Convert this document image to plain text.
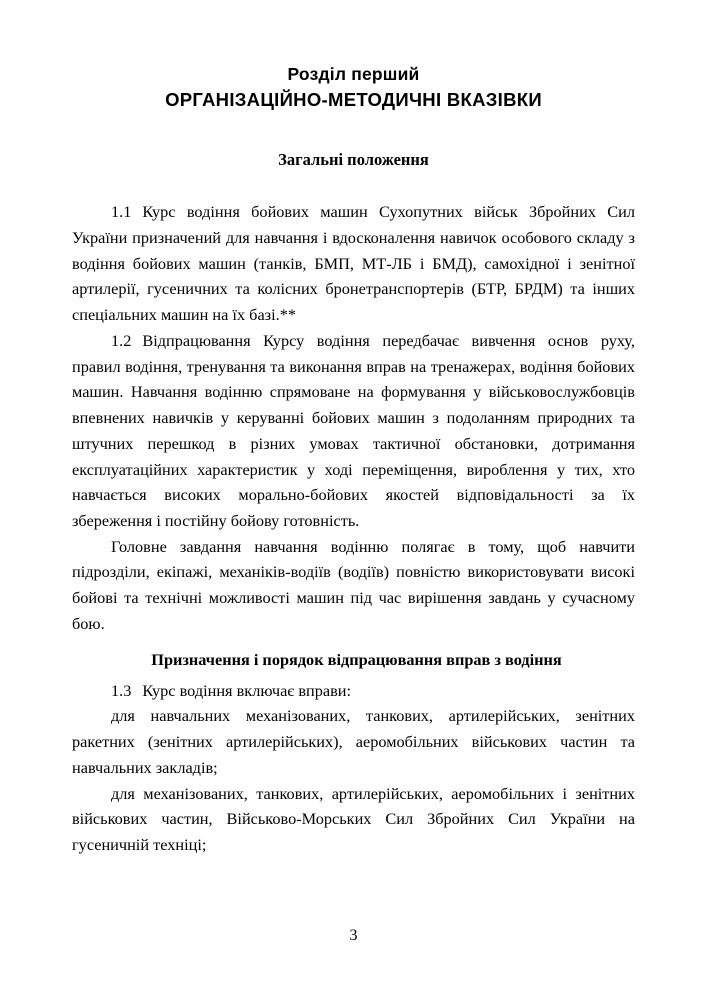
Розділ перший
ОРГАНІЗАЦІЙНО-МЕТОДИЧНІ ВКАЗІВКИ
Загальні положення

1.1 Курс водіння бойових машин Сухопутних військ Збройних Сил України призначений для навчання і вдосконалення навичок особового складу з водіння бойових машин (танків, БМП, МТ-ЛБ і БМД), самохідної і зенітної артилерії, гусеничних та колісних бронетранспортерів (БТР, БРДМ) та інших спеціальних машин на їх базі.**

1.2 Відпрацювання Курсу водіння передбачає вивчення основ руху, правил водіння, тренування та виконання вправ на тренажерах, водіння бойових машин. Навчання водінню спрямоване на формування у військовослужбовців впевнених навичків у керуванні бойових машин з подоланням природних та штучних перешкод в різних умовах тактичної обстановки, дотримання експлуатаційних характеристик у ході переміщення, вироблення у тих, хто навчається високих морально-бойових якостей відповідальності за їх збереження і постійну бойову готовність.

Головне завдання навчання водінню полягає в тому, щоб навчити підрозділи, екіпажі, механіків-водіїв (водіїв) повністю використовувати високі бойові та технічні можливості машин під час вирішення завдань у сучасному бою.

Призначення і порядок відпрацювання вправ з водіння

1.3 Курс водіння включає вправи:

для навчальних механізованих, танкових, артилерійських, зенітних ракетних (зенітних артилерійських), аеромобільних військових частин та навчальних закладів;

для механізованих, танкових, артилерійських, аеромобільних і зенітних військових частин, Військово-Морських Сил Збройних Сил України на гусеничній техніці;

3
